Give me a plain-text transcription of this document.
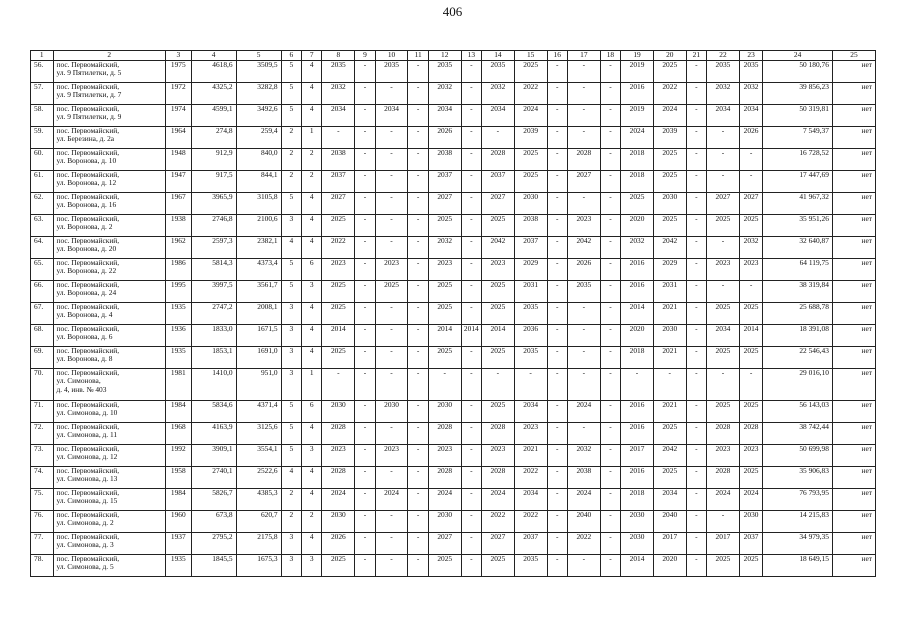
406
1	2	3	4	5	6	7	8	9	10	11	12	13	14	15	16	17	18	19	20	21	22	23	24	25
56.	пос. Первомайский,
ул. 9 Пятилетки, д. 5	1975	4618,6	3509,5	5	4	2035	-	2035	-	2035	-	2035	2025	-	-	-	2019	2025	-	2035	2035	50 180,76	нет
57.	пос. Первомайский,
ул. 9 Пятилетки, д. 7	1972	4325,2	3282,8	5	4	2032	-	-	-	2032	-	2032	2022	-	-	-	2016	2022	-	2032	2032	39 856,23	нет
58.	пос. Первомайский,
ул. 9 Пятилетки, д. 9	1974	4599,1	3492,6	5	4	2034	-	2034	-	2034	-	2034	2024	-	-	-	2019	2024	-	2034	2034	50 319,81	нет
59.	пос. Первомайский,
ул. Березина, д. 2а	1964	274,8	259,4	2	1	-	-	-	-	2026	-	-	2039	-	-	-	2024	2039	-	-	2026	7 549,37	нет
60.	пос. Первомайский,
ул. Воронова, д. 10	1948	912,9	840,0	2	2	2038	-	-	-	2038	-	2028	2025	-	2028	-	2018	2025	-	-	-	16 728,52	нет
61.	пос. Первомайский,
ул. Воронова, д. 12	1947	917,5	844,1	2	2	2037	-	-	-	2037	-	2037	2025	-	2027	-	2018	2025	-	-	-	17 447,69	нет
62.	пос. Первомайский,
ул. Воронова, д. 16	1967	3965,9	3105,8	5	4	2027	-	-	-	2027	-	2027	2030	-	-	-	2025	2030	-	2027	2027	41 967,32	нет
63.	пос. Первомайский,
ул. Воронова, д. 2	1938	2746,8	2100,6	3	4	2025	-	-	-	2025	-	2025	2038	-	2023	-	2020	2025	-	2025	2025	35 951,26	нет
64.	пос. Первомайский,
ул. Воронова, д. 20	1962	2597,3	2382,1	4	4	2022	-	-	-	2032	-	2042	2037	-	2042	-	2032	2042	-	-	2032	32 640,87	нет
65.	пос. Первомайский,
ул. Воронова, д. 22	1986	5814,3	4373,4	5	6	2023	-	2023	-	2023	-	2023	2029	-	2026	-	2016	2029	-	2023	2023	64 119,75	нет
66.	пос. Первомайский,
ул. Воронова, д. 24	1995	3997,5	3561,7	5	3	2025	-	2025	-	2025	-	2025	2031	-	2035	-	2016	2031	-	-	-	38 319,84	нет
67.	пос. Первомайский,
ул. Воронова, д. 4	1935	2747,2	2008,1	3	4	2025	-	-	-	2025	-	2025	2035	-	-	-	2014	2021	-	2025	2025	25 688,78	нет
68.	пос. Первомайский,
ул. Воронова, д. 6	1936	1833,0	1671,5	3	4	2014	-	-	-	2014	2014	2014	2036	-	-	-	2020	2030	-	2034	2014	18 391,08	нет
69.	пос. Первомайский,
ул. Воронова, д. 8	1935	1853,1	1691,0	3	4	2025	-	-	-	2025	-	2025	2035	-	-	-	2018	2021	-	2025	2025	22 546,43	нет
70.	пос. Первомайский,
ул. Симонова,
д. 4, инв. № 403	1981	1410,0	951,0	3	1	-	-	-	-	-	-	-	-	-	-	-	-	-	-	-	-	29 016,10	нет
71.	пос. Первомайский,
ул. Симонова, д. 10	1984	5834,6	4371,4	5	6	2030	-	2030	-	2030	-	2025	2034	-	2024	-	2016	2021	-	2025	2025	56 143,03	нет
72.	пос. Первомайский,
ул. Симонова, д. 11	1968	4163,9	3125,6	5	4	2028	-	-	-	2028	-	2028	2023	-	-	-	2016	2025	-	2028	2028	38 742,44	нет
73.	пос. Первомайский,
ул. Симонова, д. 12	1992	3909,1	3554,1	5	3	2023	-	2023	-	2023	-	2023	2021	-	2032	-	2017	2042	-	2023	2023	50 699,98	нет
74.	пос. Первомайский,
ул. Симонова, д. 13	1958	2740,1	2522,6	4	4	2028	-	-	-	2028	-	2028	2022	-	2038	-	2016	2025	-	2028	2025	35 906,83	нет
75.	пос. Первомайский,
ул. Симонова, д. 15	1984	5826,7	4385,3	2	4	2024	-	2024	-	2024	-	2024	2034	-	2024	-	2018	2034	-	2024	2024	76 793,95	нет
76.	пос. Первомайский,
ул. Симонова, д. 2	1960	673,8	620,7	2	2	2030	-	-	-	2030	-	2022	2022	-	2040	-	2030	2040	-	-	2030	14 215,83	нет
77.	пос. Первомайский,
ул. Симонова, д. 3	1937	2795,2	2175,8	3	4	2026	-	-	-	2027	-	2027	2037	-	2022	-	2030	2017	-	2017	2037	34 979,35	нет
78.	пос. Первомайский,
ул. Симонова, д. 5	1935	1845,5	1675,3	3	3	2025	-	-	-	2025	-	2025	2035	-	-	-	2014	2020	-	2025	2025	18 649,15	нет
